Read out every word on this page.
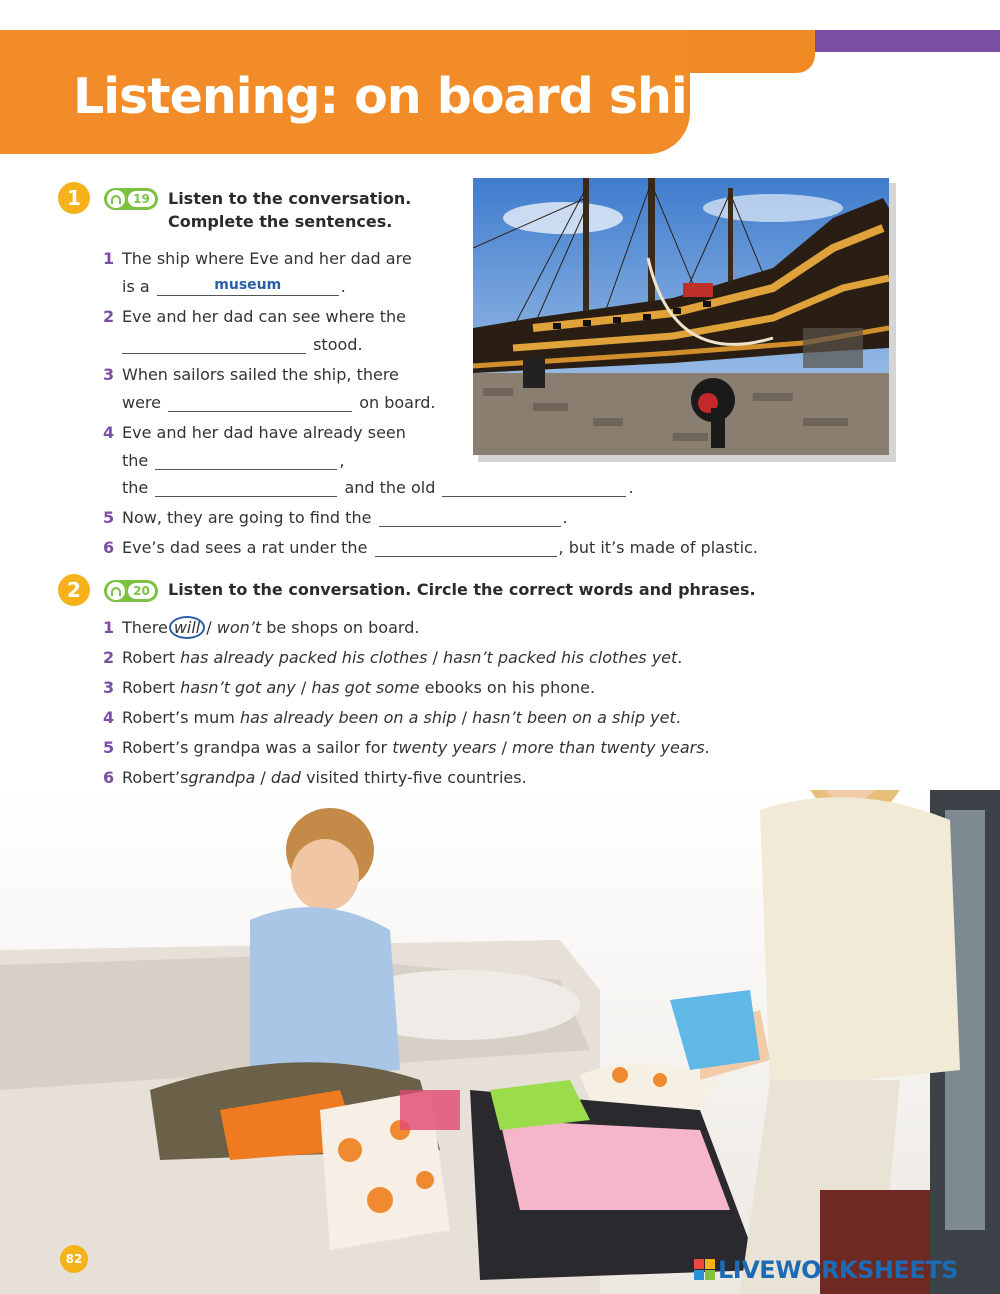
Listening: on board ship
1	19	Listen to the conversation.
Complete the sentences.
1 The ship where Eve and her dad are
is a	museum	.
2 Eve and her dad can see where the
stood.
3 When sailors sailed the ship, there
were	on board.
4 Eve and her dad have already seen
the	,
the	and the old	.
5 Now, they are going to find the	.
6 Eve’s dad sees a rat under the	, but it’s made of plastic.
2	20	Listen to the conversation. Circle the correct words and phrases.
1 There will / won’t be shops on board.
2 Robert has already packed his clothes / hasn’t packed his clothes yet.
3 Robert hasn’t got any / has got some ebooks on his phone.
4 Robert’s mum has already been on a ship / hasn’t been on a ship yet.
5 Robert’s grandpa was a sailor for twenty years / more than twenty years.
6 Robert’sgrandpa / dad visited thirty-five countries.
82	LIVEWORKSHEETS
